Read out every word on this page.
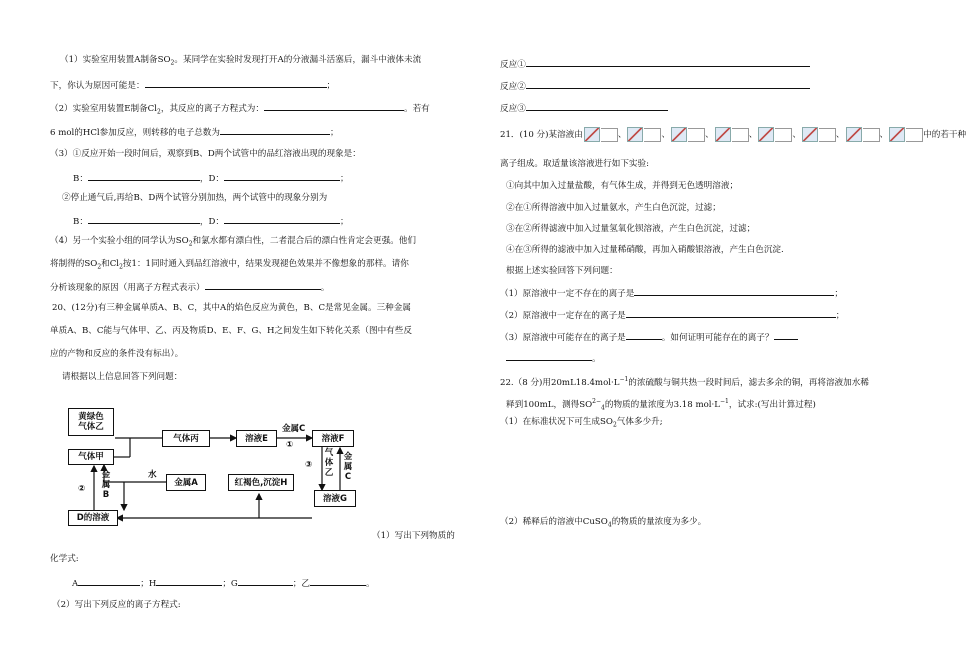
（1）实验室用装置A制备$SO_2$。某同学在实验时发现打开A的分液漏斗活塞后，漏斗中液体未流
下，你认为原因可能是：	；
（2）实验室用装置E制备$Cl_2$，其反应的离子方程式为：	。若有
6 mol的HCl参加反应，则转移的电子总数为	；
（3）①反应开始一段时间后，观察到B、D两个试管中的品红溶液出现的现象是：
B：	，D：	；
②停止通气后,再给B、D两个试管分别加热，两个试管中的现象分别为
B：	，D：	；
（4）另一个实验小组的同学认为$SO_2$和氯水都有漂白性，二者混合后的漂白性肯定会更强。他们
将制得的$SO_2$和$Cl_2$按1：1同时通入到品红溶液中，结果发现褪色效果并不像想象的那样。请你
分析该现象的原因（用离子方程式表示）	。
20、(12分)有三种金属单质A、B、C，其中A的焰色反应为黄色，B、C是常见金属。三种金属
单质A、B、C能与气体甲、乙、丙及物质D、E、F、G、H之间发生如下转化关系（图中有些反
应的产物和反应的条件没有标出）。
请根据以上信息回答下列问题：
黄绿色
气体乙
气体甲
气体丙	溶液E	溶液F
金属A	红褐色,沉淀H
溶液G
D的溶液
水
金属C
①
②
③
金属B
气体乙
金属C
（1）写出下列物质的
化学式:
A	；H	；G	；乙	。
（2）写出下列反应的离子方程式:
反应①
反应②
反应③
21．(10 分)某溶液由	、	、	、	、	、	、	、	中的若干种
离子组成。取适量该溶液进行如下实验:
①向其中加入过量盐酸，有气体生成，并得到无色透明溶液；
②在①所得溶液中加入过量氨水，产生白色沉淀，过滤；
③在②所得滤液中加入过量氢氧化钡溶液，产生白色沉淀，过滤；
④在③所得的滤液中加入过量稀硝酸，再加入硝酸银溶液，产生白色沉淀.
根据上述实验回答下列问题：
（1）原溶液中一定不存在的离子是	；
（2）原溶液中一定存在的离子是	；
（3）原溶液中可能存在的离子是	。如何证明可能存在的离子？
。
22.（8 分)用$20mL18.4mol\cdot L^{-1}$的浓硫酸与铜共热一段时间后，滤去多余的铜，再将溶液加水稀
释到100mL，测得$SO^{2-}_4$的物质的量浓度为3.18 $mol\cdot L^{-1}$，试求:(写出计算过程)
（1）在标准状况下可生成$SO_2$气体多少升;
（2）稀释后的溶液中CuSO$_4$的物质的量浓度为多少。
